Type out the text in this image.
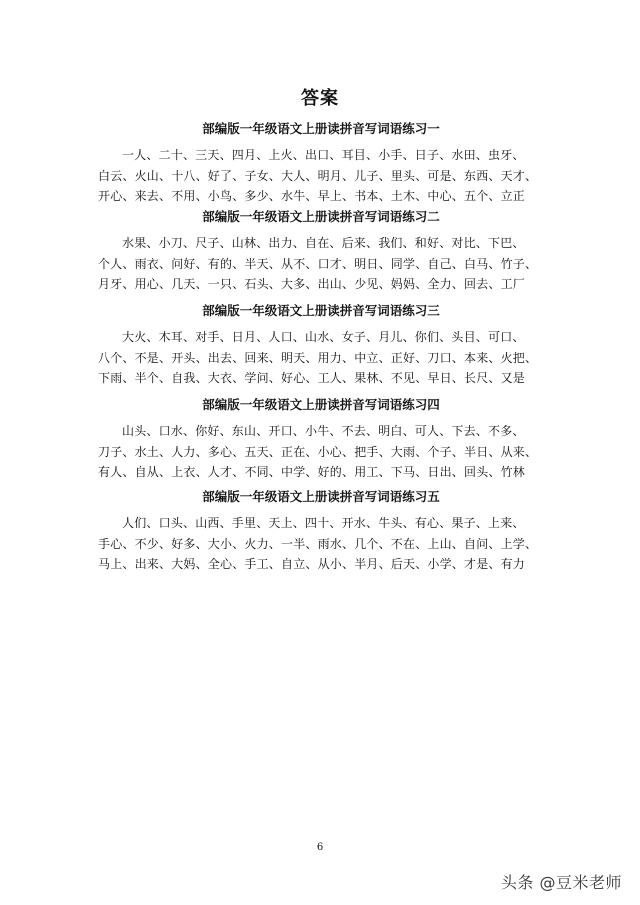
答案
部编版一年级语文上册读拼音写词语练习一
一人、二十、三天、四月、上火、出口、耳目、小手、日子、水田、虫牙、
白云、火山、十八、好了、子女、大人、明月、儿子、里头、可是、东西、天才、
开心、来去、不用、小鸟、多少、水牛、早上、书本、土木、中心、五个、立正
部编版一年级语文上册读拼音写词语练习二
水果、小刀、尺子、山林、出力、自在、后来、我们、和好、对比、下巴、
个人、雨衣、问好、有的、半天、从不、口才、明日、同学、自己、白马、竹子、
月牙、用心、几天、一只、石头、大多、出山、少见、妈妈、全力、回去、工厂
部编版一年级语文上册读拼音写词语练习三
大火、木耳、对手、日月、人口、山水、女子、月儿、你们、头目、可口、
八个、不是、开头、出去、回来、明天、用力、中立、正好、刀口、本来、火把、
下雨、半个、自我、大衣、学问、好心、工人、果林、不见、早日、长尺、又是
部编版一年级语文上册读拼音写词语练习四
山头、口水、你好、东山、开口、小牛、不去、明白、可人、下去、不多、
刀子、水土、人力、多心、五天、正在、小心、把手、大雨、个子、半日、从来、
有人、自从、上衣、人才、不同、中学、好的、用工、下马、日出、回头、竹林
部编版一年级语文上册读拼音写词语练习五
人们、口头、山西、手里、天上、四十、开水、牛头、有心、果子、上来、
手心、不少、好多、大小、火力、一半、雨水、几个、不在、上山、自问、上学、
马上、出来、大妈、全心、手工、自立、从小、半月、后天、小学、才是、有力
6
头条 @豆米老师
